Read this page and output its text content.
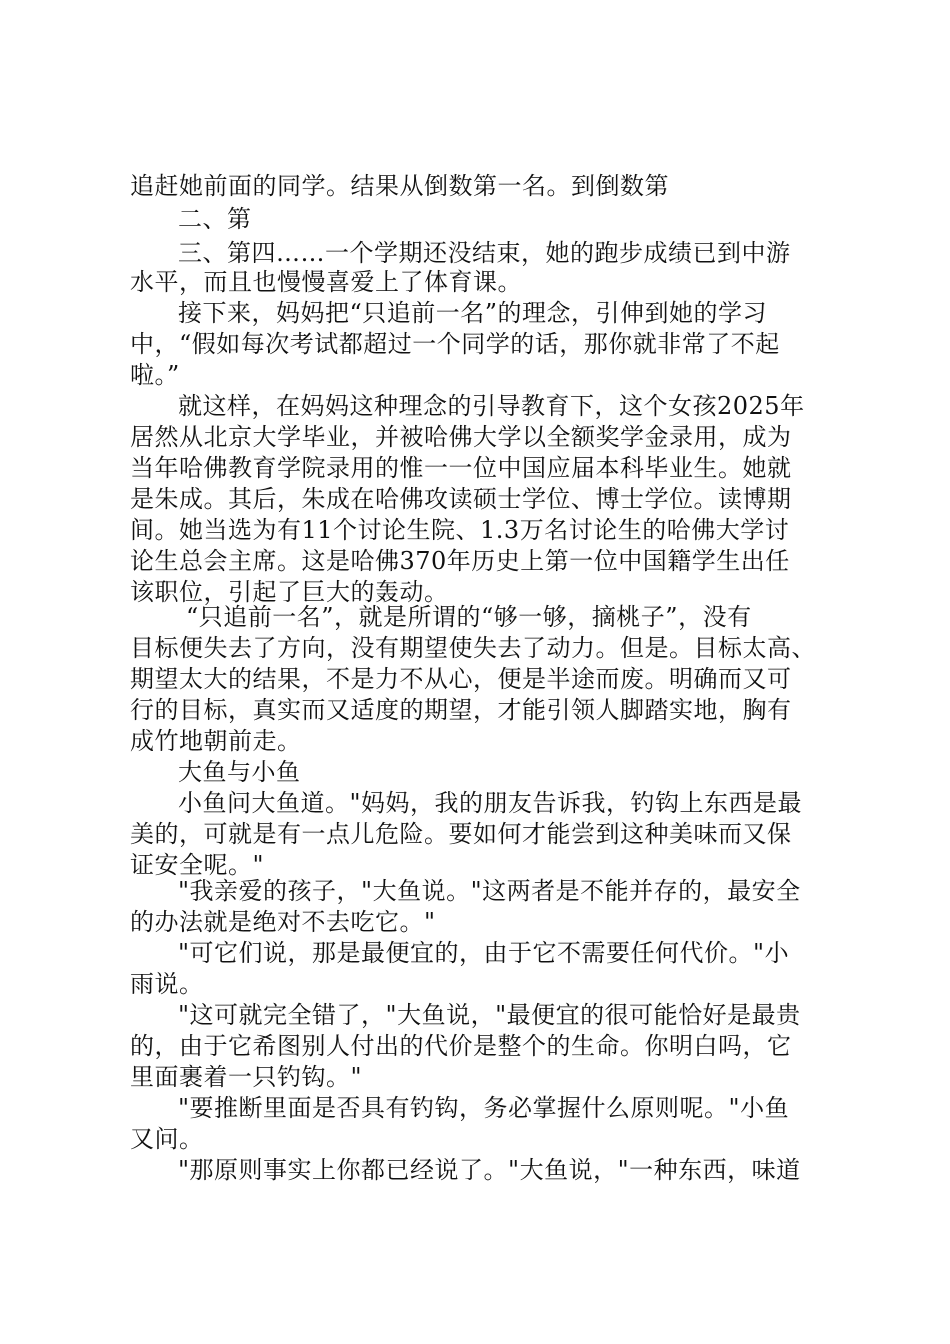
追赶她前面的同学。结果从倒数第一名。到倒数第
二、第
三、第四……一个学期还没结束，她的跑步成绩已到中游
水平，而且也慢慢喜爱上了体育课。
接下来，妈妈把“只追前一名”的理念，引伸到她的学习
中，“假如每次考试都超过一个同学的话，那你就非常了不起
啦。”
就这样，在妈妈这种理念的引导教育下，这个女孩2025年
居然从北京大学毕业，并被哈佛大学以全额奖学金录用，成为
当年哈佛教育学院录用的惟一一位中国应届本科毕业生。她就
是朱成。其后，朱成在哈佛攻读硕士学位、博士学位。读博期
间。她当选为有11个讨论生院、1.3万名讨论生的哈佛大学讨
论生总会主席。这是哈佛370年历史上第一位中国籍学生出任
该职位，引起了巨大的轰动。
“只追前一名”，就是所谓的“够一够，摘桃子”，没有
目标便失去了方向，没有期望使失去了动力。但是。目标太高、
期望太大的结果，不是力不从心，便是半途而废。明确而又可
行的目标，真实而又适度的期望，才能引领人脚踏实地，胸有
成竹地朝前走。
大鱼与小鱼
小鱼问大鱼道。"妈妈，我的朋友告诉我，钓钩上东西是最
美的，可就是有一点儿危险。要如何才能尝到这种美味而又保
证安全呢。"
"我亲爱的孩子，"大鱼说。"这两者是不能并存的，最安全
的办法就是绝对不去吃它。"
"可它们说，那是最便宜的，由于它不需要任何代价。"小
雨说。
"这可就完全错了，"大鱼说，"最便宜的很可能恰好是最贵
的，由于它希图别人付出的代价是整个的生命。你明白吗，它
里面裹着一只钓钩。"
"要推断里面是否具有钓钩，务必掌握什么原则呢。"小鱼
又问。
"那原则事实上你都已经说了。"大鱼说，"一种东西，味道
